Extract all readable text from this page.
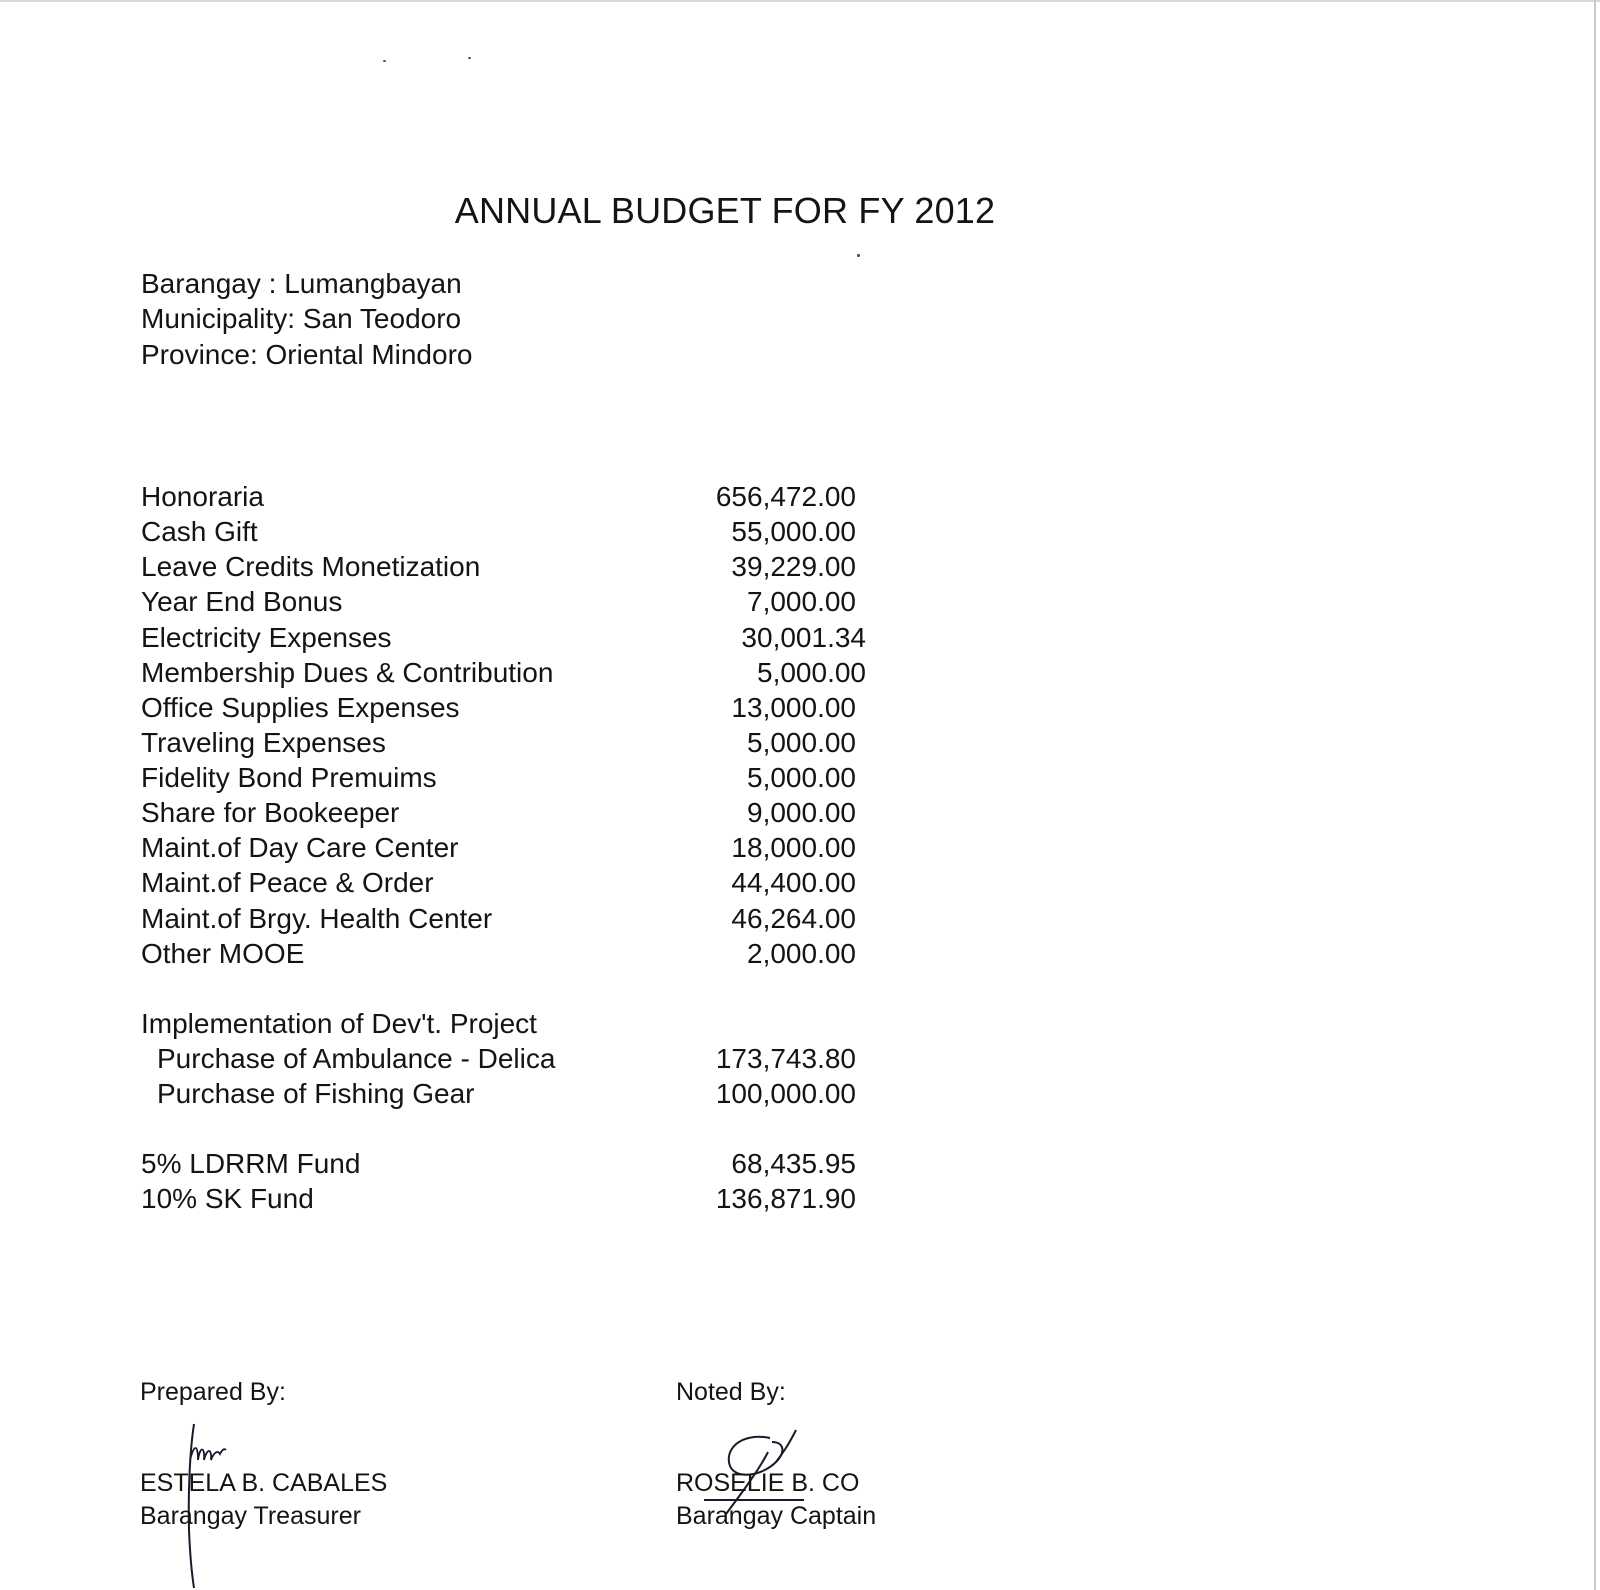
ANNUAL BUDGET FOR FY 2012
Barangay : Lumangbayan
Municipality: San Teodoro
Province: Oriental Mindoro
Honoraria	656,472.00
Cash Gift	55,000.00
Leave Credits Monetization	39,229.00
Year End Bonus	7,000.00
Electricity Expenses	30,001.34
Membership Dues & Contribution	5,000.00
Office Supplies Expenses	13,000.00
Traveling Expenses	5,000.00
Fidelity Bond Premuims	5,000.00
Share for Bookeeper	9,000.00
Maint.of Day Care Center	18,000.00
Maint.of Peace & Order	44,400.00
Maint.of Brgy. Health Center	46,264.00
Other MOOE	2,000.00
Implementation of Dev't. Project
Purchase of Ambulance - Delica	173,743.80
Purchase of Fishing Gear	100,000.00
5% LDRRM Fund	68,435.95
10% SK Fund	136,871.90
Prepared By:
ESTELA B. CABALES
Barangay Treasurer
Noted By:
ROSELIE B. CO
Barangay Captain
